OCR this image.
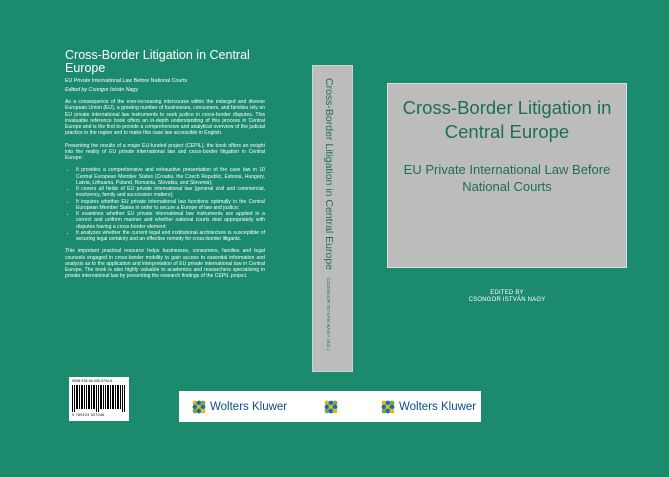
Cross-Border Litigation in Central Europe

EU Private International Law Before National Courts

Edited by Csongor István Nagy

As a consequence of the ever-increasing intercourse within the enlarged and diverse European Union (EU), a growing number of businesses, consumers, and families rely on EU private international law instruments to seek justice in cross-border disputes. This invaluable reference book offers an in-depth understanding of this process in Central Europe and is the first to provide a comprehensive and analytical overview of the judicial practice in the region and to make this case law accessible in English.

Presenting the results of a major EU-funded project (CEPIL), the book offers an insight into the reality of EU private international law and cross-border litigation in Central Europe:

• It provides a comprehensive and exhaustive presentation of the case law in 10 Central European Member States (Croatia, the Czech Republic, Estonia, Hungary, Latvia, Lithuania, Poland, Romania, Slovakia, and Slovenia);
• It covers all fields of EU private international law (general civil and commercial, insolvency, family and succession matters);
• It inquires whether EU private international law functions optimally in the Central European Member States in order to secure a Europe of law and justice;
• It examines whether EU private international law instruments are applied in a correct and uniform manner and whether national courts deal appropriately with disputes having a cross-border element;
• It analyzes whether the current legal and institutional architecture is susceptible of securing legal certainty and an effective remedy for cross-border litigants.

This important practical resource helps businesses, consumers, families and legal counsels engaged in cross-border mobility to gain access to essential information and analysis as to the application and interpretation of EU private international law in Central Europe. The book is also highly valuable to academics and researchers specializing in private international law by presenting the research findings of the CEPIL project.

ISBN 978-94-035-0704-6
9 789403 507046
Cross-Border Litigation in Central Europe
CSONGOR ISTVÁN NAGY (ED.)
Cross-Border Litigation in Central Europe

EU Private International Law Before National Courts

EDITED BY
CSONGOR ISTVÁN NAGY
Wolters Kluwer	Wolters Kluwer
